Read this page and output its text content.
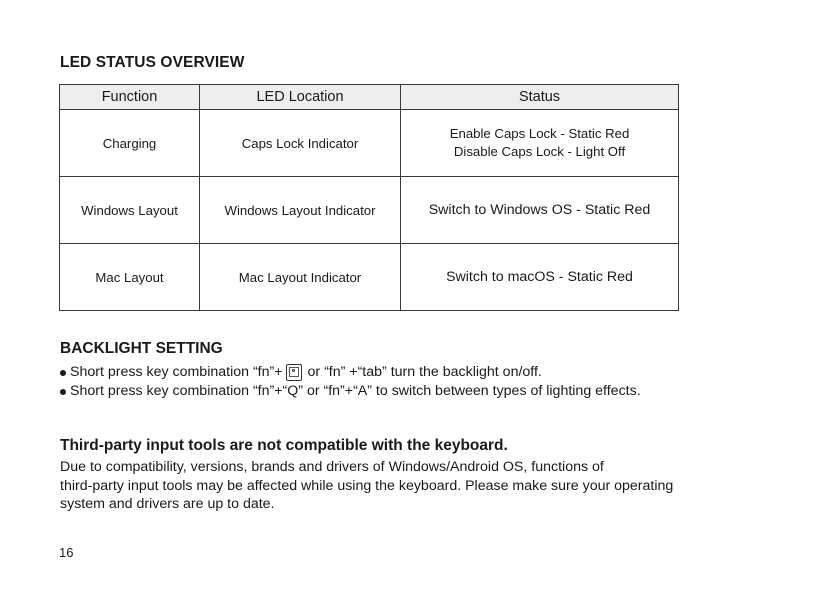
LED STATUS OVERVIEW
Function	LED Location	Status
Charging	Caps Lock Indicator	Enable Caps Lock - Static Red
Disable Caps Lock - Light Off

Windows Layout	Windows Layout Indicator	Switch to Windows OS - Static Red

Mac Layout	Mac Layout Indicator	Switch to macOS - Static Red
BACKLIGHT SETTING
Short press key combination “fn”+ or “fn” +“tab” turn the backlight on/off.
Short press key combination “fn”+“Q” or “fn”+“A” to switch between types of lighting effects.
Third-party input tools are not compatible with the keyboard.
Due to compatibility, versions, brands and drivers of Windows/Android OS, functions of
third-party input tools may be affected while using the keyboard. Please make sure your operating
system and drivers are up to date.
16
